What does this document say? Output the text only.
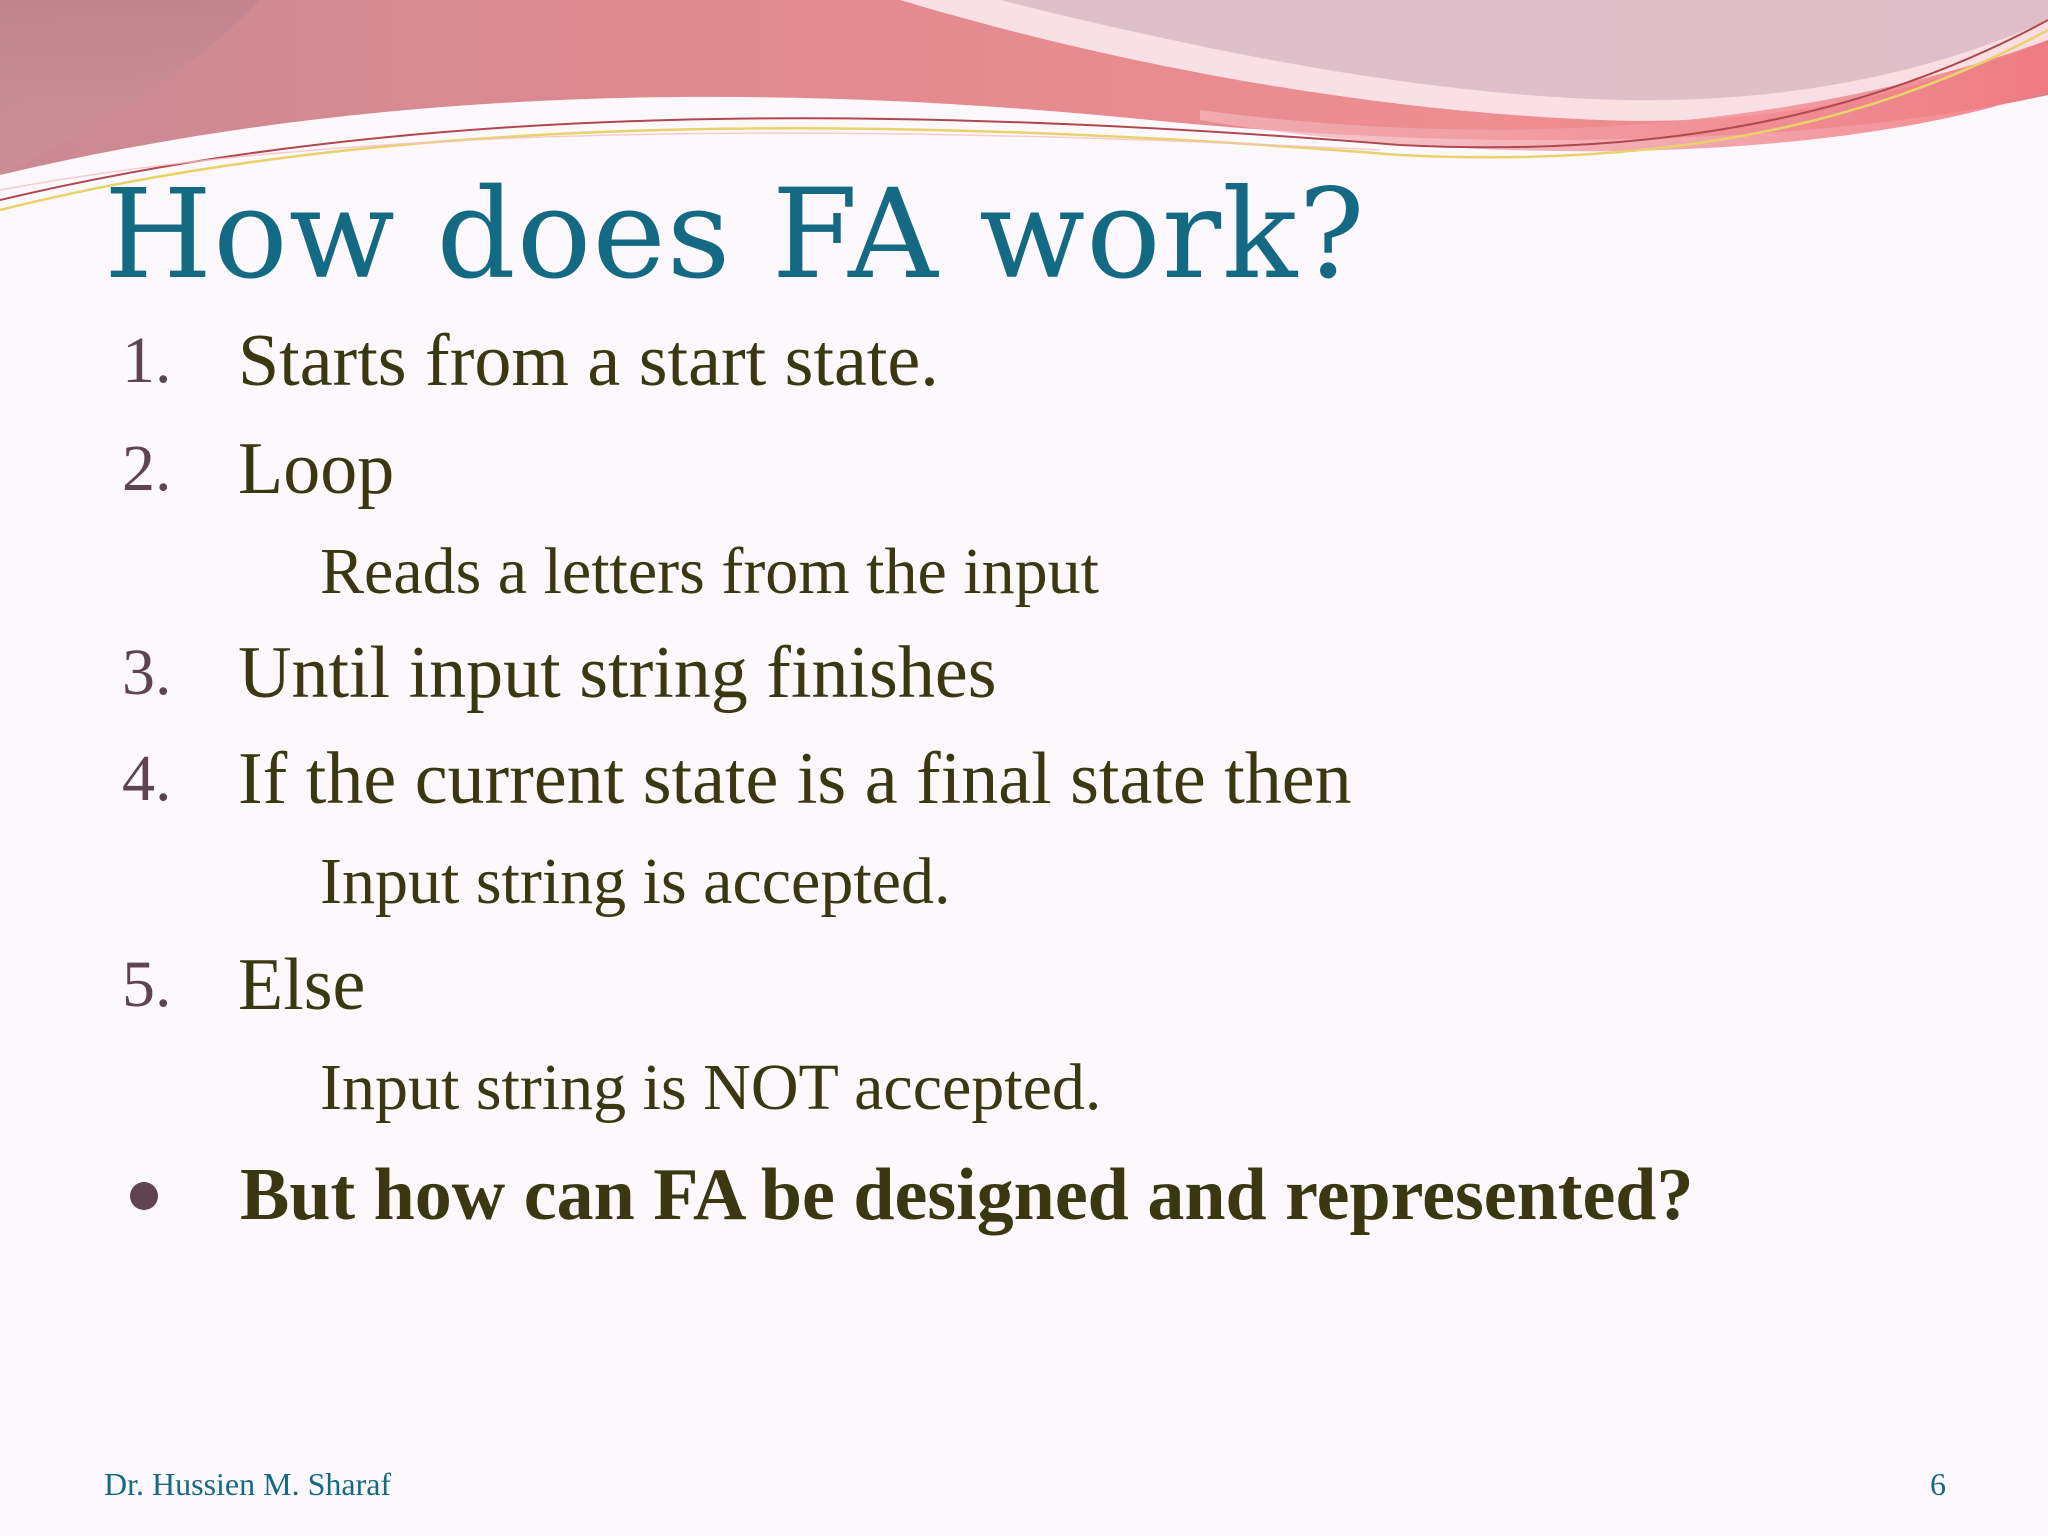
How does FA work?
1. Starts from a start state.
2. Loop
Reads a letters from the input
3. Until input string finishes
4. If the current state is a final state then
Input string is accepted.
5. Else
Input string is NOT accepted.
But how can FA be designed and represented?
Dr. Hussien M. Sharaf	6
